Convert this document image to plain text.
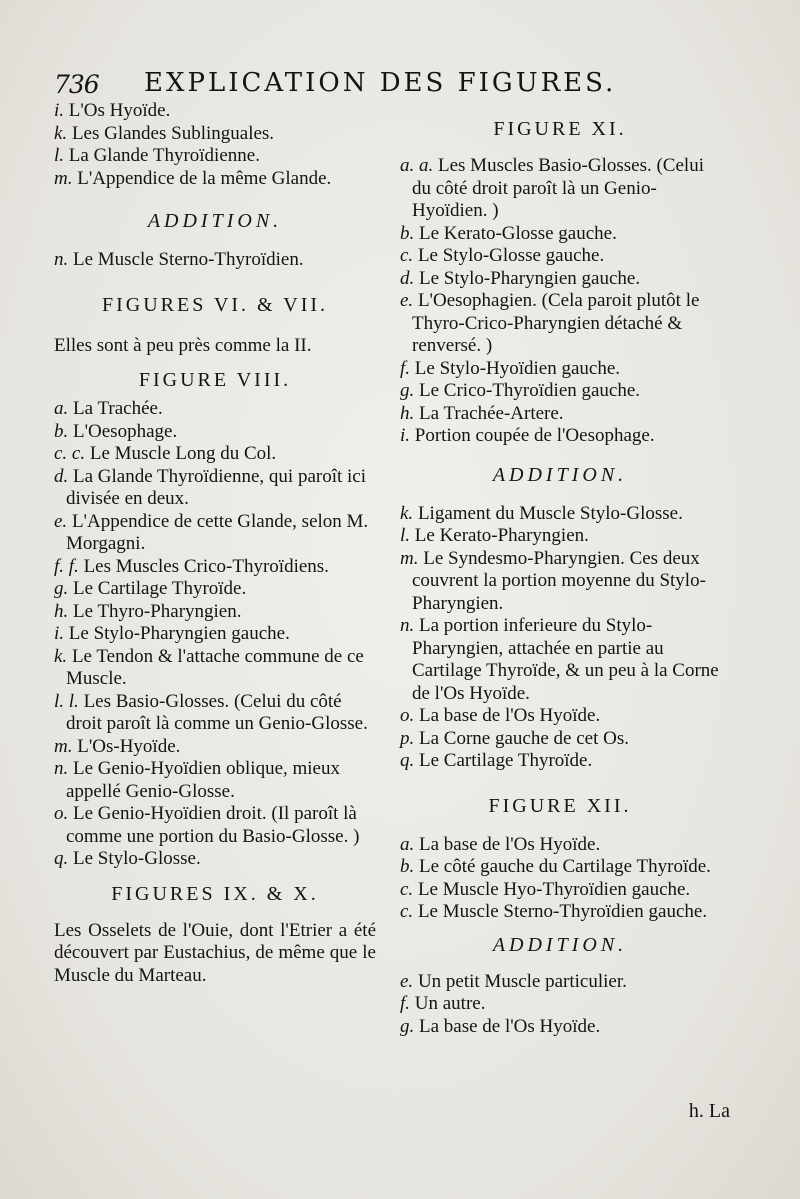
736 EXPLICATION DES FIGURES.
i. L'Os Hyoïde.
k. Les Glandes Sublinguales.
l. La Glande Thyroïdienne.
m. L'Appendice de la même Glande.
ADDITION.
n. Le Muscle Sterno-Thyroïdien.
FIGURES VI. & VII.
Elles sont à peu près comme la II.
FIGURE VIII.
a. La Trachée.
b. L'Oesophage.
c. c. Le Muscle Long du Col.
d. La Glande Thyroïdienne, qui paroît ici divisée en deux.
e. L'Appendice de cette Glande, selon M. Morgagni.
f. f. Les Muscles Crico-Thyroïdiens.
g. Le Cartilage Thyroïde.
h. Le Thyro-Pharyngien.
i. Le Stylo-Pharyngien gauche.
k. Le Tendon & l'attache commune de ce Muscle.
l. l. Les Basio-Glosses. (Celui du côté droit paroît là comme un Genio-Glosse.
m. L'Os-Hyoïde.
n. Le Genio-Hyoïdien oblique, mieux appellé Genio-Glosse.
o. Le Genio-Hyoïdien droit. (Il paroît là comme une portion du Basio-Glosse. )
q. Le Stylo-Glosse.
FIGURES IX. & X.
Les Osselets de l'Ouie, dont l'Etrier a été découvert par Eustachius, de même que le Muscle du Marteau.
FIGURE XI.
a. a. Les Muscles Basio-Glosses. (Celui du côté droit paroît là un Genio-Hyoïdien. )
b. Le Kerato-Glosse gauche.
c. Le Stylo-Glosse gauche.
d. Le Stylo-Pharyngien gauche.
e. L'Oesophagien. (Cela paroit plutôt le Thyro-Crico-Pharyngien détaché & renversé. )
f. Le Stylo-Hyoïdien gauche.
g. Le Crico-Thyroïdien gauche.
h. La Trachée-Artere.
i. Portion coupée de l'Oesophage.
ADDITION.
k. Ligament du Muscle Stylo-Glosse.
l. Le Kerato-Pharyngien.
m. Le Syndesmo-Pharyngien. Ces deux couvrent la portion moyenne du Stylo-Pharyngien.
n. La portion inferieure du Stylo-Pharyngien, attachée en partie au Cartilage Thyroïde, & un peu à la Corne de l'Os Hyoïde.
o. La base de l'Os Hyoïde.
p. La Corne gauche de cet Os.
q. Le Cartilage Thyroïde.
FIGURE XII.
a. La base de l'Os Hyoïde.
b. Le côté gauche du Cartilage Thyroïde.
c. Le Muscle Hyo-Thyroïdien gauche.
c. Le Muscle Sterno-Thyroïdien gauche.
ADDITION.
e. Un petit Muscle particulier.
f. Un autre.
g. La base de l'Os Hyoïde.
h. La
